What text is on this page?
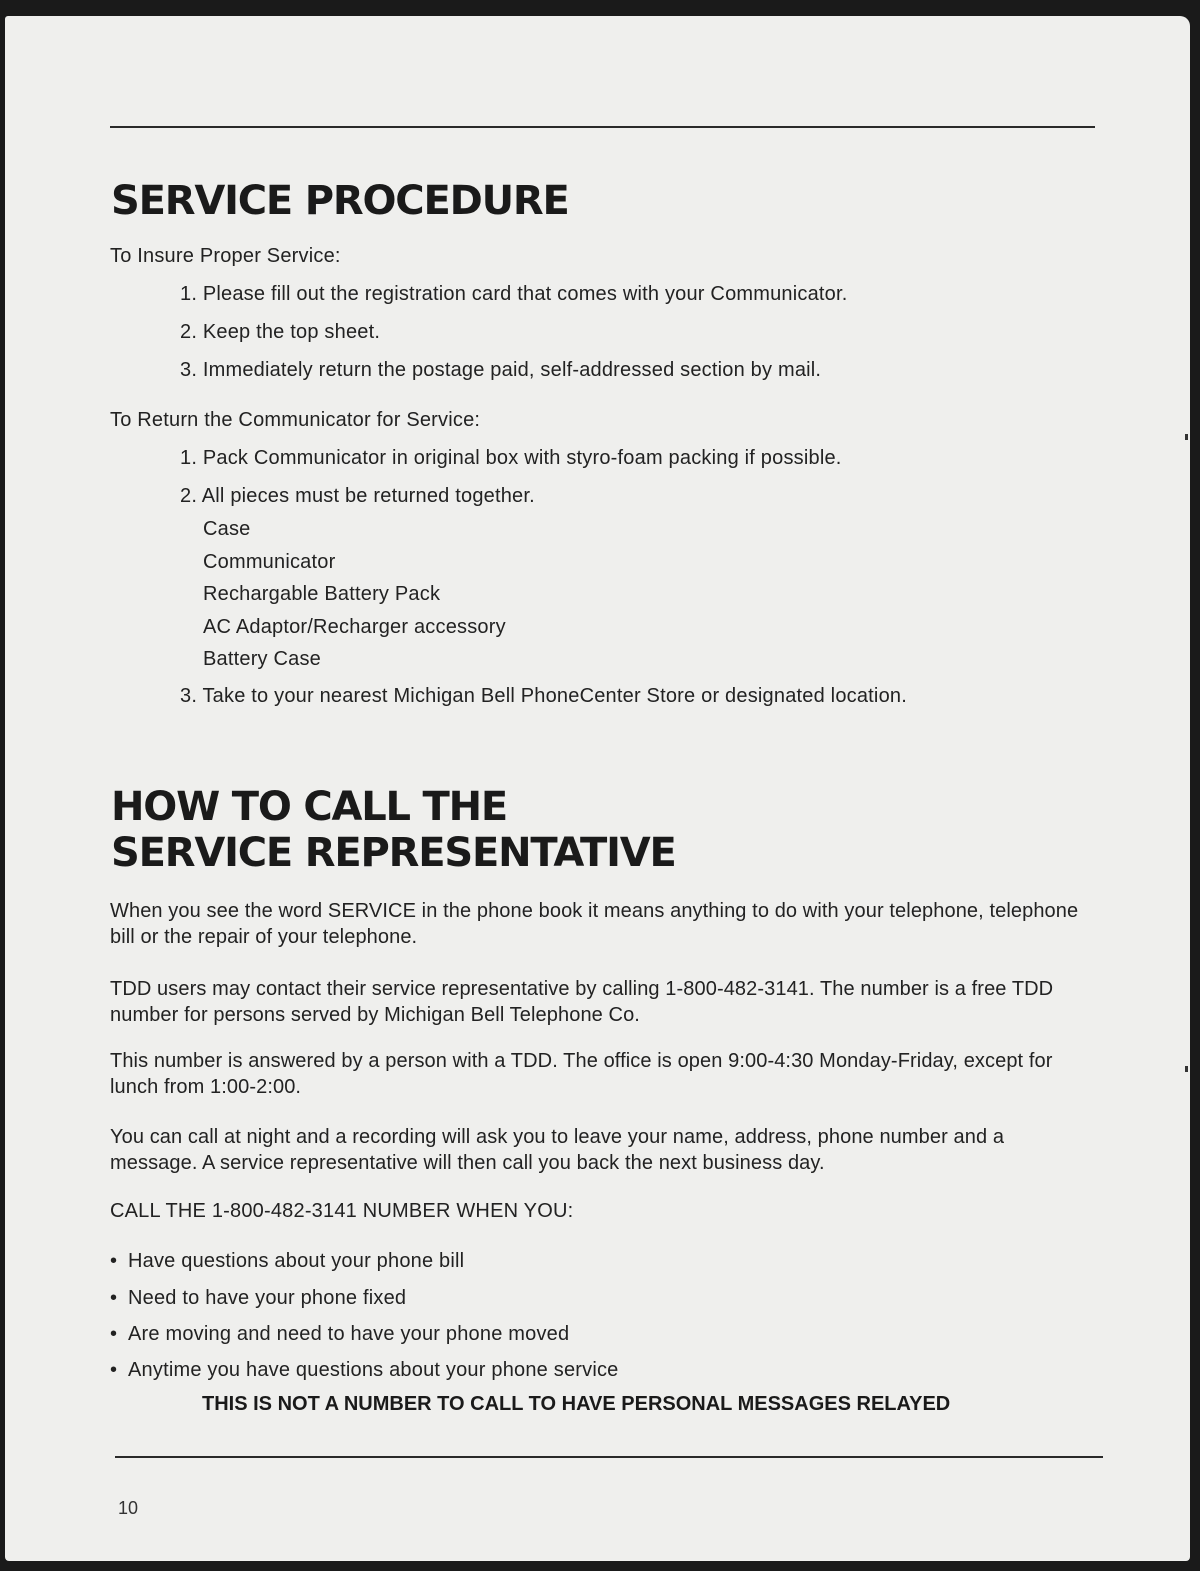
SERVICE PROCEDURE
To Insure Proper Service:
1. Please fill out the registration card that comes with your Communicator.
2. Keep the top sheet.
3. Immediately return the postage paid, self-addressed section by mail.
To Return the Communicator for Service:
1. Pack Communicator in original box with styro-foam packing if possible.
2. All pieces must be returned together.
Case
Communicator
Rechargable Battery Pack
AC Adaptor/Recharger accessory
Battery Case
3. Take to your nearest Michigan Bell PhoneCenter Store or designated location.
HOW TO CALL THE
SERVICE REPRESENTATIVE
When you see the word SERVICE in the phone book it means anything to do with your telephone, telephone bill or the repair of your telephone.
TDD users may contact their service representative by calling 1-800-482-3141. The number is a free TDD number for persons served by Michigan Bell Telephone Co.
This number is answered by a person with a TDD. The office is open 9:00-4:30 Monday-Friday, except for lunch from 1:00-2:00.
You can call at night and a recording will ask you to leave your name, address, phone number and a message. A service representative will then call you back the next business day.
CALL THE 1-800-482-3141 NUMBER WHEN YOU:
• Have questions about your phone bill
• Need to have your phone fixed
• Are moving and need to have your phone moved
• Anytime you have questions about your phone service
THIS IS NOT A NUMBER TO CALL TO HAVE PERSONAL MESSAGES RELAYED
10
